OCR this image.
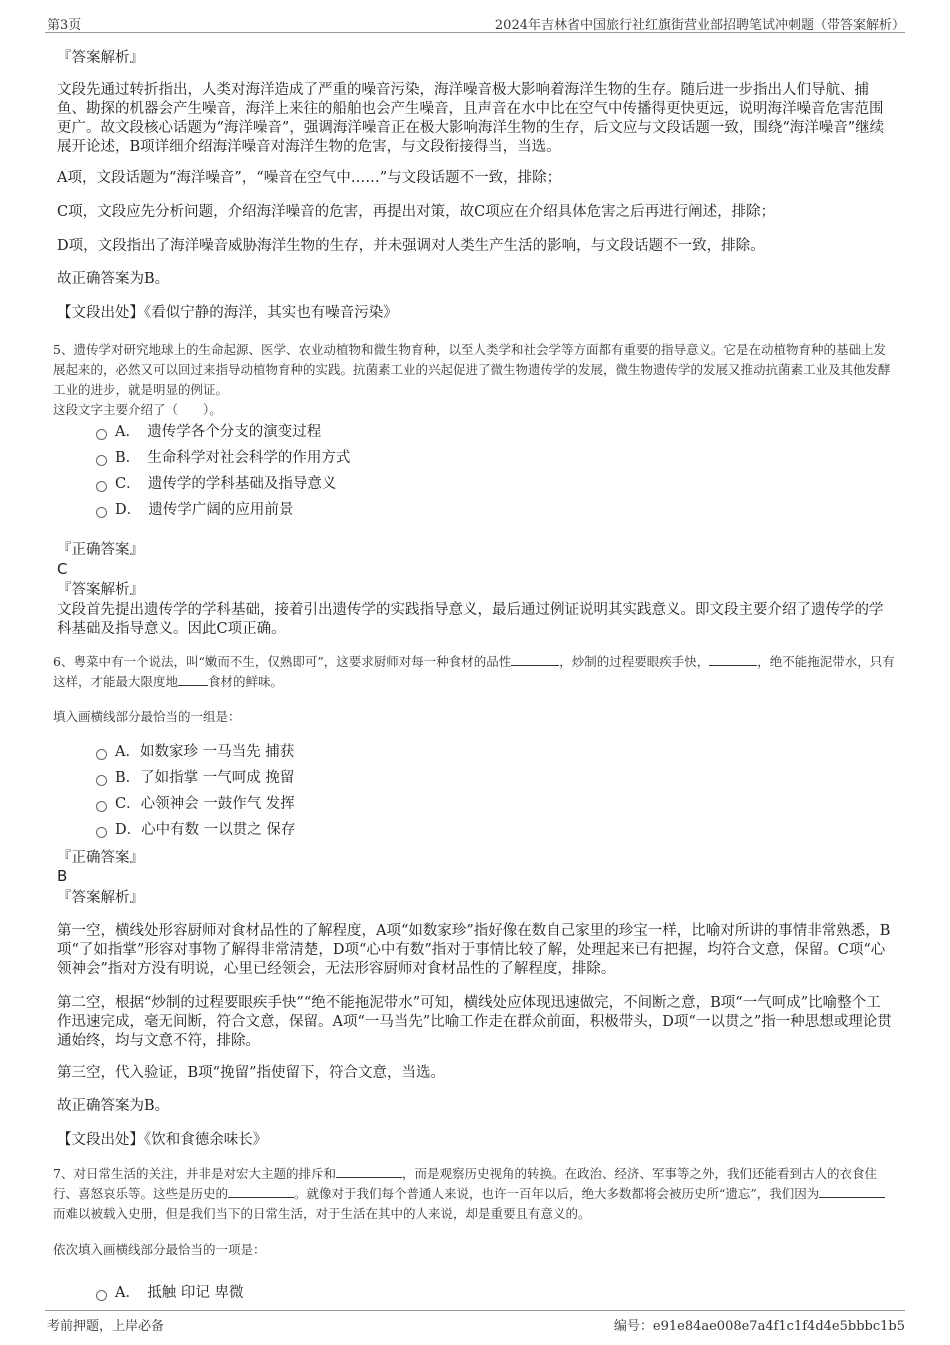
第3页	2024年吉林省中国旅行社红旗街营业部招聘笔试冲刺题（带答案解析）
『答案解析』
文段先通过转折指出，人类对海洋造成了严重的噪音污染，海洋噪音极大影响着海洋生物的生存。随后进一步指出人们导航、捕鱼、勘探的机器会产生噪音，海洋上来往的船舶也会产生噪音，且声音在水中比在空气中传播得更快更远，说明海洋噪音危害范围更广。故文段核心话题为“海洋噪音”，强调海洋噪音正在极大影响海洋生物的生存，后文应与文段话题一致，围绕“海洋噪音”继续展开论述，B项详细介绍海洋噪音对海洋生物的危害，与文段衔接得当，当选。
A项，文段话题为“海洋噪音”，“噪音在空气中……”与文段话题不一致，排除；
C项，文段应先分析问题，介绍海洋噪音的危害，再提出对策，故C项应在介绍具体危害之后再进行阐述，排除；
D项，文段指出了海洋噪音威胁海洋生物的生存，并未强调对人类生产生活的影响，与文段话题不一致，排除。
故正确答案为B。
【文段出处】《看似宁静的海洋，其实也有噪音污染》
5、遗传学对研究地球上的生命起源、医学、农业动植物和微生物育种，以至人类学和社会学等方面都有重要的指导意义。它是在动植物育种的基础上发展起来的，必然又可以回过来指导动植物育种的实践。抗菌素工业的兴起促进了微生物遗传学的发展，微生物遗传学的发展又推动抗菌素工业及其他发酵工业的进步，就是明显的例证。
这段文字主要介绍了（　　）。
A．　遗传学各个分支的演变过程
B．　生命科学对社会科学的作用方式
C．　遗传学的学科基础及指导意义
D．　遗传学广阔的应用前景
『正确答案』
C
『答案解析』
文段首先提出遗传学的学科基础，接着引出遗传学的实践指导意义，最后通过例证说明其实践意义。即文段主要介绍了遗传学的学科基础及指导意义。因此C项正确。
6、粤菜中有一个说法，叫“嫩而不生，仅熟即可”，这要求厨师对每一种食材的品性	，炒制的过程要眼疾手快，	，绝不能拖泥带水，只有这样，才能最大限度地 食材的鲜味。
填入画横线部分最恰当的一组是：
A．如数家珍 一马当先 捕获
B．了如指掌 一气呵成 挽留
C．心领神会 一鼓作气 发挥
D．心中有数 一以贯之 保存
『正确答案』
B
『答案解析』
第一空，横线处形容厨师对食材品性的了解程度，A项“如数家珍”指好像在数自己家里的珍宝一样，比喻对所讲的事情非常熟悉，B项“了如指掌”形容对事物了解得非常清楚，D项“心中有数”指对于事情比较了解，处理起来已有把握，均符合文意，保留。C项“心领神会”指对方没有明说，心里已经领会，无法形容厨师对食材品性的了解程度，排除。
第二空，根据“炒制的过程要眼疾手快”“绝不能拖泥带水”可知，横线处应体现迅速做完，不间断之意，B项“一气呵成”比喻整个工作迅速完成，毫无间断，符合文意，保留。A项“一马当先”比喻工作走在群众前面，积极带头，D项“一以贯之”指一种思想或理论贯通始终，均与文意不符，排除。
第三空，代入验证，B项“挽留”指使留下，符合文意，当选。
故正确答案为B。
【文段出处】《饮和食德余味长》
7、对日常生活的关注，并非是对宏大主题的排斥和	，而是观察历史视角的转换。在政治、经济、军事等之外，我们还能看到古人的衣食住行、喜怒哀乐等。这些是历史的	。就像对于我们每个普通人来说，也许一百年以后，绝大多数都将会被历史所“遗忘”，我们因为而难以被载入史册，但是我们当下的日常生活，对于生活在其中的人来说，却是重要且有意义的。
依次填入画横线部分最恰当的一项是：
A．　抵触 印记 卑微
考前押题，上岸必备	编号：e91e84ae008e7a4f1c1f4d4e5bbbc1b5
